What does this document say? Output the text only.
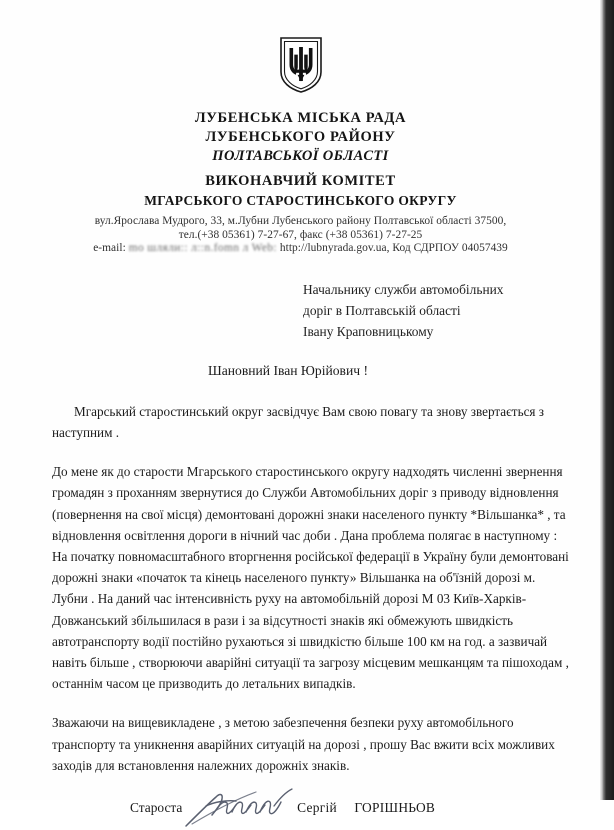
ЛУБЕНСЬКА МІСЬКА РАДА
ЛУБЕНСЬКОГО РАЙОНУ
ПОЛТАВСЬКОЇ ОБЛАСТІ
ВИКОНАВЧИЙ КОМІТЕТ
МГАРСЬКОГО СТАРОСТИНСЬКОГО ОКРУГУ
вул.Ярослава Мудрого, 33, м.Лубни Лубенського району Полтавської області 37500,
тел.(+38 05361) 7-27-67, факс (+38 05361) 7-27-25
e-mail: mo шляли:: л::n.fomn л Web: http://lubnyrada.gov.ua, Код СДРПОУ 04057439
Начальнику служби автомобільних
доріг в Полтавській області
Івану Краповницькому
Шановний Іван Юрійович !

Мгарський старостинський округ засвідчує Вам свою повагу та знову звертається з наступним .

До мене як до старости Мгарського старостинського округу надходять численні звернення громадян з проханням звернутися до Служби Автомобільних доріг з приводу відновлення (повернення на свої місця) демонтовані дорожні знаки населеного пункту *Вільшанка* , та відновлення освітлення дороги в нічний час доби . Дана проблема полягає в наступному : На початку повномасштабного вторгнення російської федерації в Україну були демонтовані дорожні знаки «початок та кінець населеного пункту» Вільшанка на об'їзній дорозі м. Лубни . На даний час інтенсивність руху на автомобільній дорозі М 03 Київ-Харків-Довжанський збільшилася в рази і за відсутності знаків які обмежують швидкість автотранспорту водії постійно рухаються зі швидкістю більше 100 км на год. а зазвичай навіть більше , створюючи аварійні ситуації та загрозу місцевим мешканцям та пішоходам , останнім часом це призводить до летальних випадків.

Зважаючи на вищевикладене , з метою забезпечення безпеки руху автомобільного транспорту та уникнення аварійних ситуацій на дорозі , прошу Вас вжити всіх можливих заходів для встановлення належних дорожніх знаків.

Староста	Сергій ГОРІШНЬОВ
